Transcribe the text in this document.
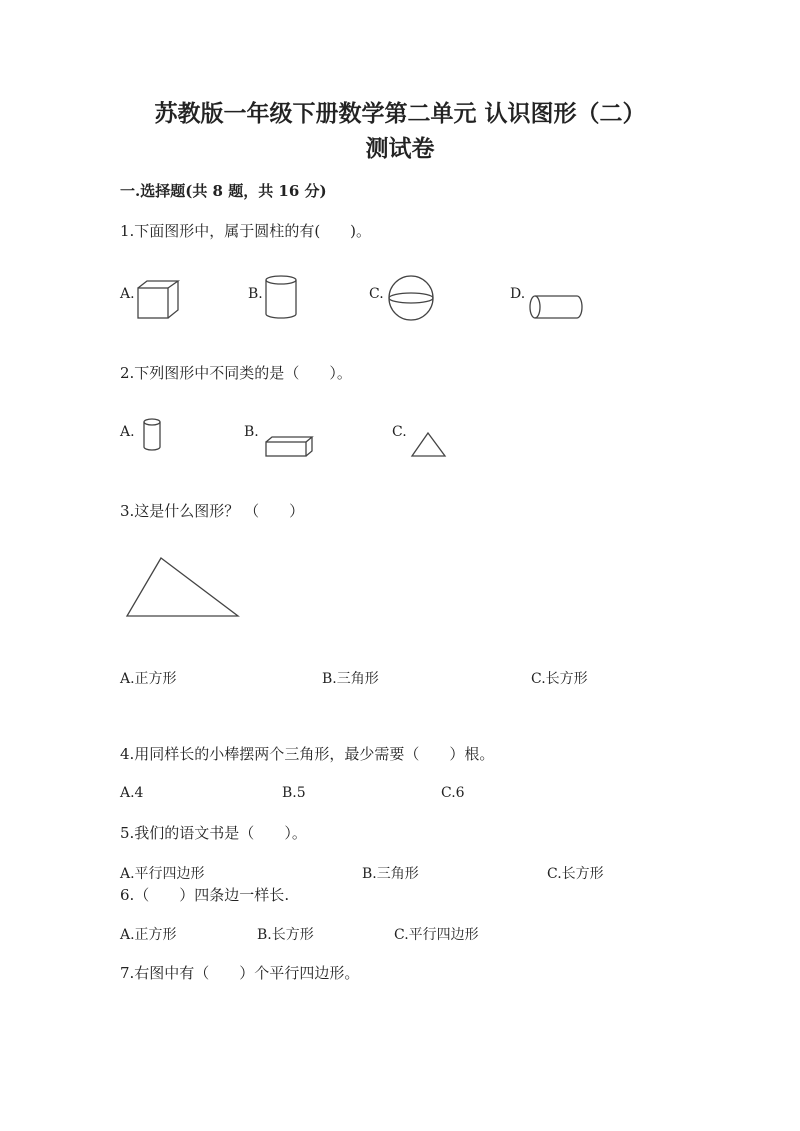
苏教版一年级下册数学第二单元 认识图形（二）
测试卷
一.选择题(共 8 题，共 16 分)
1.下面图形中，属于圆柱的有(　　)。
A.	B.	C.	D.
2.下列图形中不同类的是（　　）。
A.	B.	C.
3.这是什么图形？ （　　）
A.正方形	B.三角形	C.长方形
4.用同样长的小棒摆两个三角形，最少需要（　　）根。
A.4	B.5	C.6
5.我们的语文书是（　　）。
A.平行四边形	B.三角形	C.长方形
6.（　　）四条边一样长.
A.正方形	B.长方形	C.平行四边形
7.右图中有（　　）个平行四边形。
